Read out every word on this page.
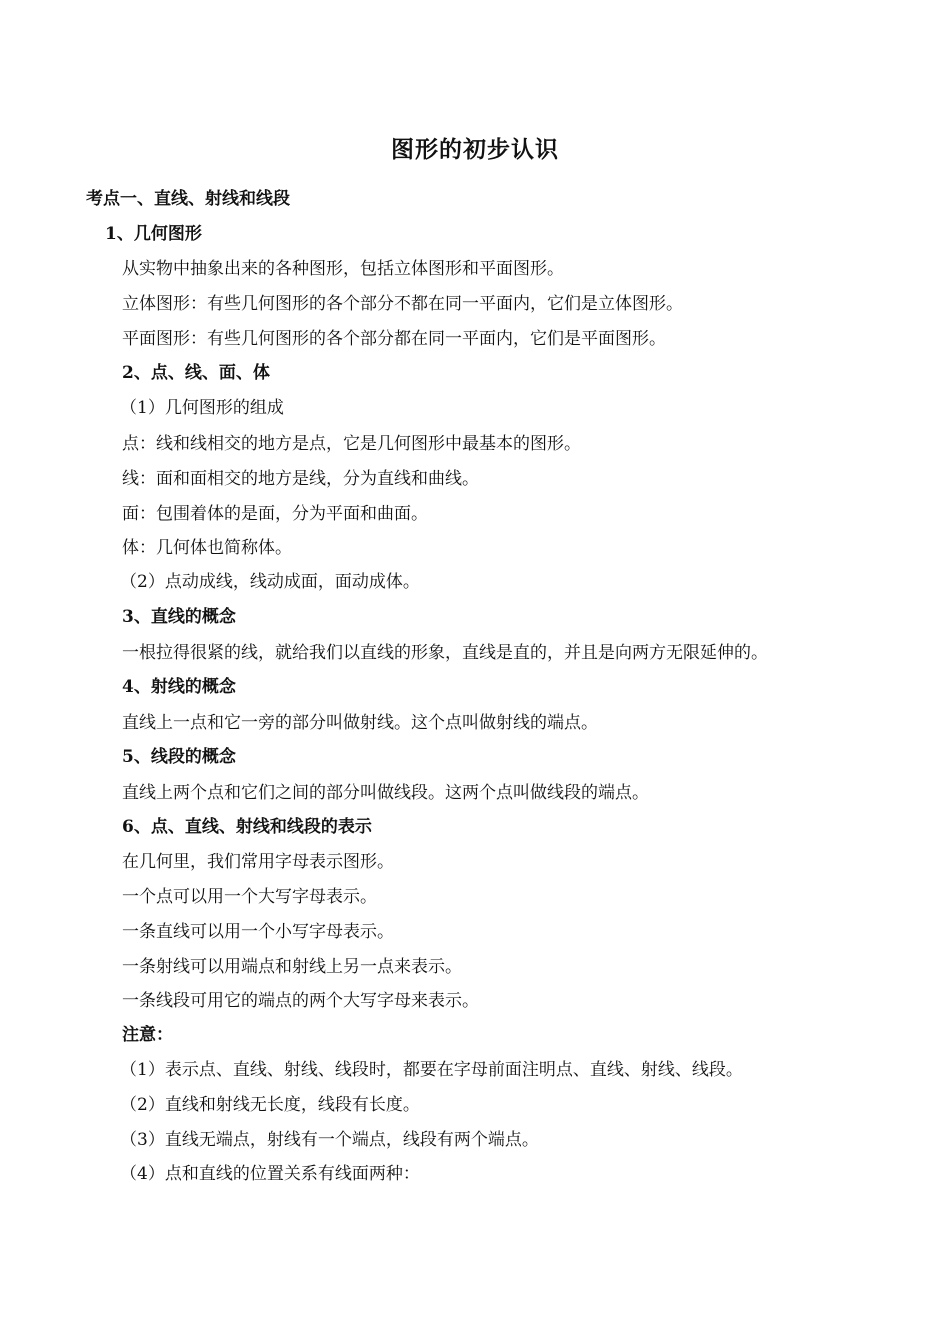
图形的初步认识
考点一、直线、射线和线段
1、几何图形
从实物中抽象出来的各种图形，包括立体图形和平面图形。
立体图形：有些几何图形的各个部分不都在同一平面内，它们是立体图形。
平面图形：有些几何图形的各个部分都在同一平面内，它们是平面图形。
2、点、线、面、体
（1）几何图形的组成
点：线和线相交的地方是点，它是几何图形中最基本的图形。
线：面和面相交的地方是线，分为直线和曲线。
面：包围着体的是面，分为平面和曲面。
体：几何体也简称体。
（2）点动成线，线动成面，面动成体。
3、直线的概念
一根拉得很紧的线，就给我们以直线的形象，直线是直的，并且是向两方无限延伸的。
4、射线的概念
直线上一点和它一旁的部分叫做射线。这个点叫做射线的端点。
5、线段的概念
直线上两个点和它们之间的部分叫做线段。这两个点叫做线段的端点。
6、点、直线、射线和线段的表示
在几何里，我们常用字母表示图形。
一个点可以用一个大写字母表示。
一条直线可以用一个小写字母表示。
一条射线可以用端点和射线上另一点来表示。
一条线段可用它的端点的两个大写字母来表示。
注意：
（1）表示点、直线、射线、线段时，都要在字母前面注明点、直线、射线、线段。
（2）直线和射线无长度，线段有长度。
（3）直线无端点，射线有一个端点，线段有两个端点。
（4）点和直线的位置关系有线面两种：
